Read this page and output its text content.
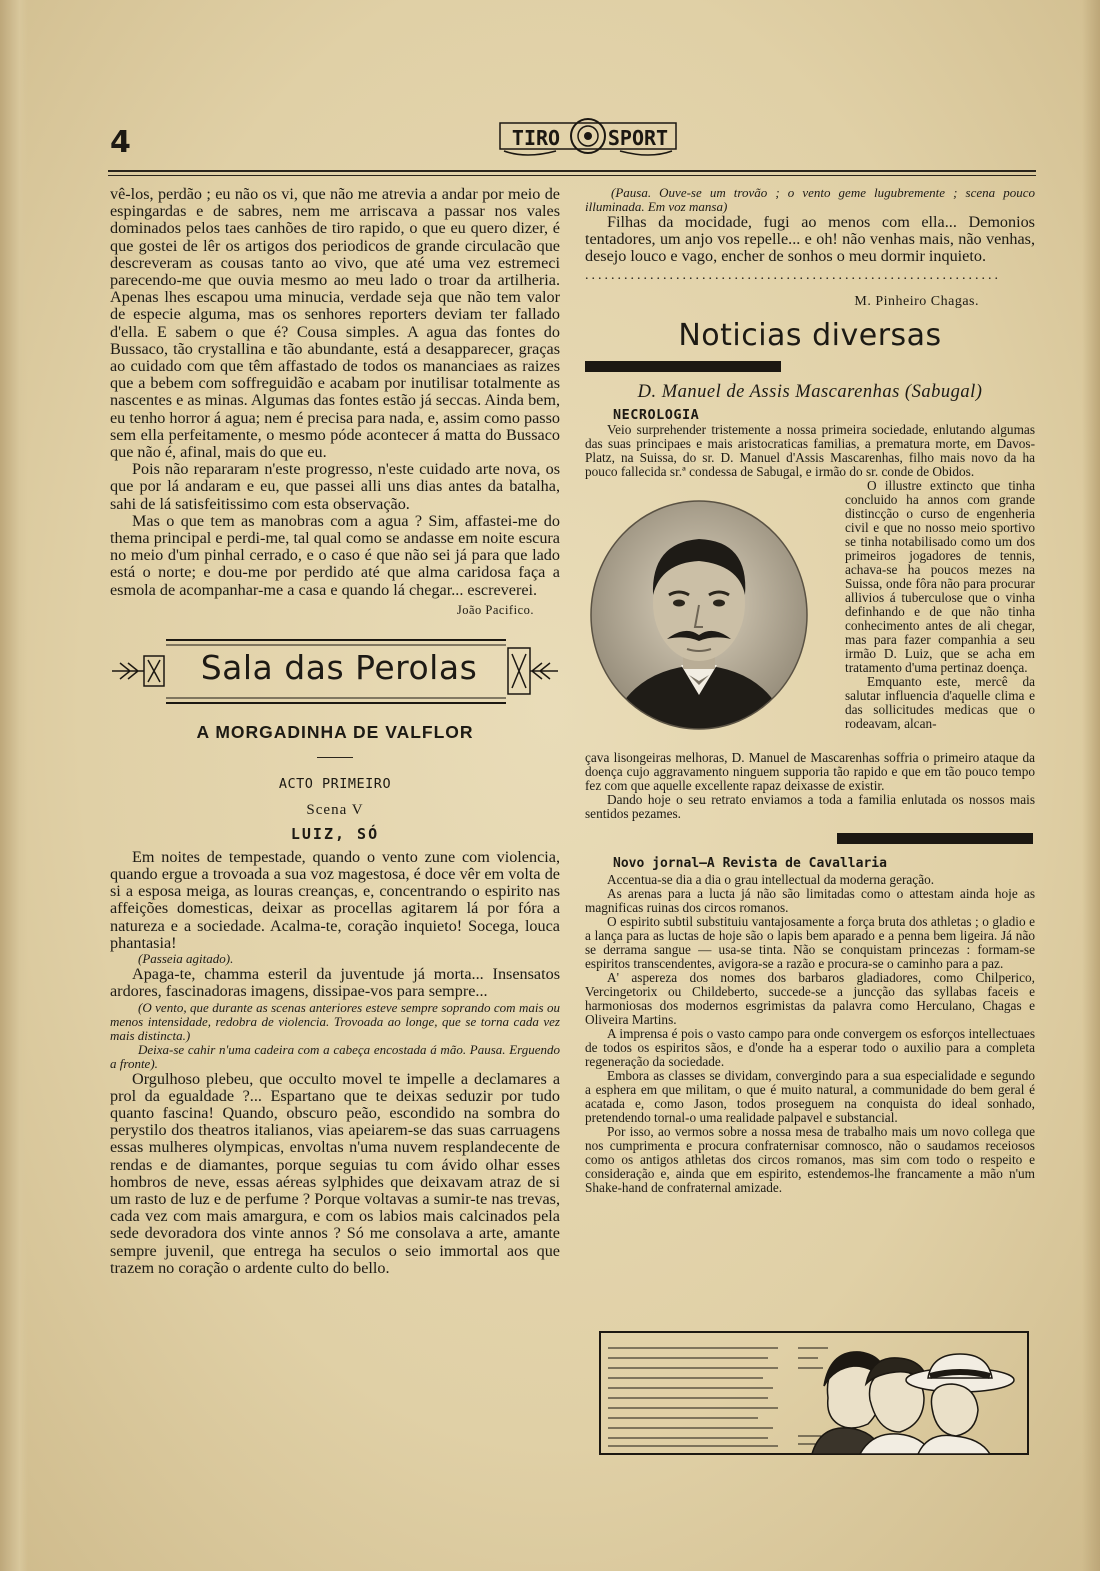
4	TIRO SPORT

vê-los, perdão ; eu não os vi, que não me atrevia a andar por meio de espingardas e de sabres, nem me arriscava a passar nos vales dominados pelos taes canhões de tiro rapido, o que eu quero dizer, é que gostei de lêr os artigos dos periodicos de grande circulacão que descreveram as cousas tanto ao vivo, que até uma vez estremeci parecendo-me que ouvia mesmo ao meu lado o troar da artilheria. Apenas lhes escapou uma minucia, verdade seja que não tem valor de especie alguma, mas os senhores reporters deviam ter fallado d'ella. E sabem o que é? Cousa simples. A agua das fontes do Bussaco, tão crystallina e tão abundante, está a desapparecer, graças ao cuidado com que têm affastado de todos os mananciaes as raizes que a bebem com soffreguidão e acabam por inutilisar totalmente as nascentes e as minas. Algumas das fontes estão já seccas. Ainda bem, eu tenho horror á agua; nem é precisa para nada, e, assim como passo sem ella perfeitamente, o mesmo póde acontecer á matta do Bussaco que não é, afinal, mais do que eu.

Pois não repararam n'este progresso, n'este cuidado arte nova, os que por lá andaram e eu, que passei alli uns dias antes da batalha, sahi de lá satisfeitissimo com esta observação.

Mas o que tem as manobras com a agua ? Sim, affastei-me do thema principal e perdi-me, tal qual como se andasse em noite escura no meio d'um pinhal cerrado, e o caso é que não sei já para que lado está o norte; e dou-me por perdido até que alma caridosa faça a esmola de acompanhar-me a casa e quando lá chegar... escreverei.

João Pacifico.
Sala das Perolas
A MORGADINHA DE VALFLOR
ACTO PRIMEIRO
Scena V
LUIZ, SÓ

Em noites de tempestade, quando o vento zune com violencia, quando ergue a trovoada a sua voz magestosa, é doce vêr em volta de si a esposa meiga, as louras creanças, e, concentrando o espirito nas affeições domesticas, deixar as procellas agitarem lá por fóra a natureza e a sociedade. Acalma-te, coração inquieto! Socega, louca phantasia!

(Passeia agitado).

Apaga-te, chamma esteril da juventude já morta... Insensatos ardores, fascinadoras imagens, dissipae-vos para sempre...

(O vento, que durante as scenas anteriores esteve sempre soprando com mais ou menos intensidade, redobra de violencia. Trovoada ao longe, que se torna cada vez mais distincta.)
Deixa-se cahir n'uma cadeira com a cabeça encostada á mão. Pausa. Erguendo a fronte).

Orgulhoso plebeu, que occulto movel te impelle a declamares a prol da egualdade ?... Espartano que te deixas seduzir por tudo quanto fascina! Quando, obscuro peão, escondido na sombra do perystilo dos theatros italianos, vias apeiarem-se das suas carruagens essas mulheres olympicas, envoltas n'uma nuvem resplandecente de rendas e de diamantes, porque seguias tu com ávido olhar esses hombros de neve, essas aéreas sylphides que deixavam atraz de si um rasto de luz e de perfume ? Porque voltavas a sumir-te nas trevas, cada vez com mais amargura, e com os labios mais calcinados pela sede devoradora dos vinte annos ? Só me consolava a arte, amante sempre juvenil, que entrega ha seculos o seio immortal aos que trazem no coração o ardente culto do bello.

(Pausa. Ouve-se um trovão ; o vento geme lugubremente ; scena pouco illuminada. Em voz mansa)

Filhas da mocidade, fugi ao menos com ella... Demonios tentadores, um anjo vos repelle... e oh! não venhas mais, não venhas, desejo louco e vago, encher de sonhos o meu dormir inquieto.

................................................................
M. Pinheiro Chagas.
Noticias diversas
D. Manuel de Assis Mascarenhas (Sabugal)
NECROLOGIA

Veio surprehender tristemente a nossa primeira sociedade, enlutando algumas das suas principaes e mais aristocraticas familias, a prematura morte, em Davos-Platz, na Suissa, do sr. D. Manuel d'Assis Mascarenhas, filho mais novo da ha pouco fallecida sr.ª condessa de Sabugal, e irmão do sr. conde de Obidos.

O illustre extincto que tinha concluido ha annos com grande distincção o curso de engenheria civil e que no nosso meio sportivo se tinha notabilisado como um dos primeiros jogadores de tennis, achava-se ha poucos mezes na Suissa, onde fôra não para procurar allivios á tuberculose que o vinha definhando e de que não tinha conhecimento antes de ali chegar, mas para fazer companhia a seu irmão D. Luiz, que se acha em tratamento d'uma pertinaz doença.

Emquanto este, mercê da salutar influencia d'aquelle clima e das sollicitudes medicas que o rodeavam, alcan-

çava lisongeiras melhoras, D. Manuel de Mascarenhas soffria o primeiro ataque da doença cujo aggravamento ninguem supporia tão rapido e que em tão pouco tempo fez com que aquelle excellente rapaz deixasse de existir.

Dando hoje o seu retrato enviamos a toda a familia enlutada os nossos mais sentidos pezames.

Novo jornal—A Revista de Cavallaria

Accentua-se dia a dia o grau intellectual da moderna geração.

As arenas para a lucta já não são limitadas como o attestam ainda hoje as magnificas ruinas dos circos romanos.

O espirito subtil substituiu vantajosamente a força bruta dos athletas ; o gladio e a lança para as luctas de hoje são o lapis bem aparado e a penna bem ligeira. Já não se derrama sangue — usa-se tinta. Não se conquistam princezas : formam-se espiritos transcendentes, avigora-se a razão e procura-se o caminho para a paz.

A' aspereza dos nomes dos barbaros gladiadores, como Chilperico, Vercingetorix ou Childeberto, succede-se a juncção das syllabas faceis e harmoniosas dos modernos esgrimistas da palavra como Herculano, Chagas e Oliveira Martins.

A imprensa é pois o vasto campo para onde convergem os esforços intellectuaes de todos os espiritos sãos, e d'onde ha a esperar todo o auxilio para a completa regeneração da sociedade.

Embora as classes se dividam, convergindo para a sua especialidade e segundo a esphera em que militam, o que é muito natural, a communidade do bem geral é acatada e, como Jason, todos proseguem na conquista do ideal sonhado, pretendendo tornal-o uma realidade palpavel e substancial.

Por isso, ao vermos sobre a nossa mesa de trabalho mais um novo collega que nos cumprimenta e procura confraternisar comnosco, não o saudamos receiosos como os antigos athletas dos circos romanos, mas sim com todo o respeito e consideração e, ainda que em espirito, estendemos-lhe francamente a mão n'um Shake-hand de confraternal amizade.
